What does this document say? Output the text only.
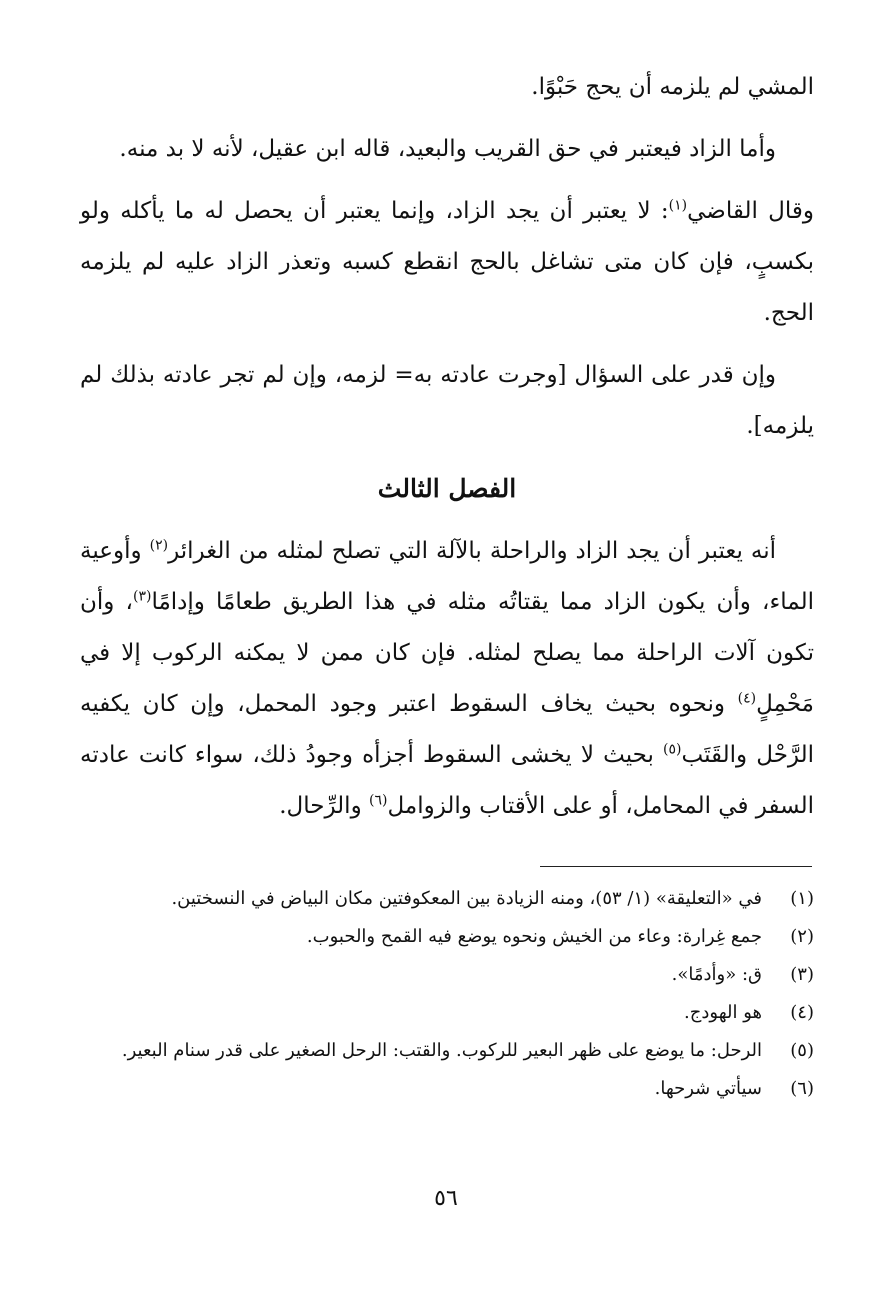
المشي لم يلزمه أن يحج حَبْوًا.

وأما الزاد فيعتبر في حق القريب والبعيد، قاله ابن عقيل، لأنه لا بد منه.

وقال القاضي$^{(١)}$: لا يعتبر أن يجد الزاد، وإنما يعتبر أن يحصل له ما يأكله ولو بكسبٍ، فإن كان متى تشاغل بالحج انقطع كسبه وتعذر الزاد عليه لم يلزمه الحج.

وإن قدر على السؤال [وجرت عادته به= لزمه، وإن لم تجر عادته بذلك لم يلزمه].

الفصل الثالث

أنه يعتبر أن يجد الزاد والراحلة بالآلة التي تصلح لمثله من الغرائر$^{(٢)}$ وأوعية الماء، وأن يكون الزاد مما يقتاتُه مثله في هذا الطريق طعامًا وإدامًا$^{(٣)}$، وأن تكون آلات الراحلة مما يصلح لمثله. فإن كان ممن لا يمكنه الركوب إلا في مَحْمِلٍ$^{(٤)}$ ونحوه بحيث يخاف السقوط اعتبر وجود المحمل، وإن كان يكفيه الرَّحْل والقَتَب$^{(٥)}$ بحيث لا يخشى السقوط أجزأه وجودُ ذلك، سواء كانت عادته السفر في المحامل، أو على الأقتاب والزوامل$^{(٦)}$ والرِّحال.

(١)
في «التعليقة» (١/ ٥٣)، ومنه الزيادة بين المعكوفتين مكان البياض في النسختين.
(٢)
جمع غِرارة: وعاء من الخيش ونحوه يوضع فيه القمح والحبوب.
(٣)
ق: «وأدمًا».
(٤)
هو الهودج.
(٥)
الرحل: ما يوضع على ظهر البعير للركوب. والقتب: الرحل الصغير على قدر سنام البعير.
(٦)
سيأتي شرحها.
٥٦
